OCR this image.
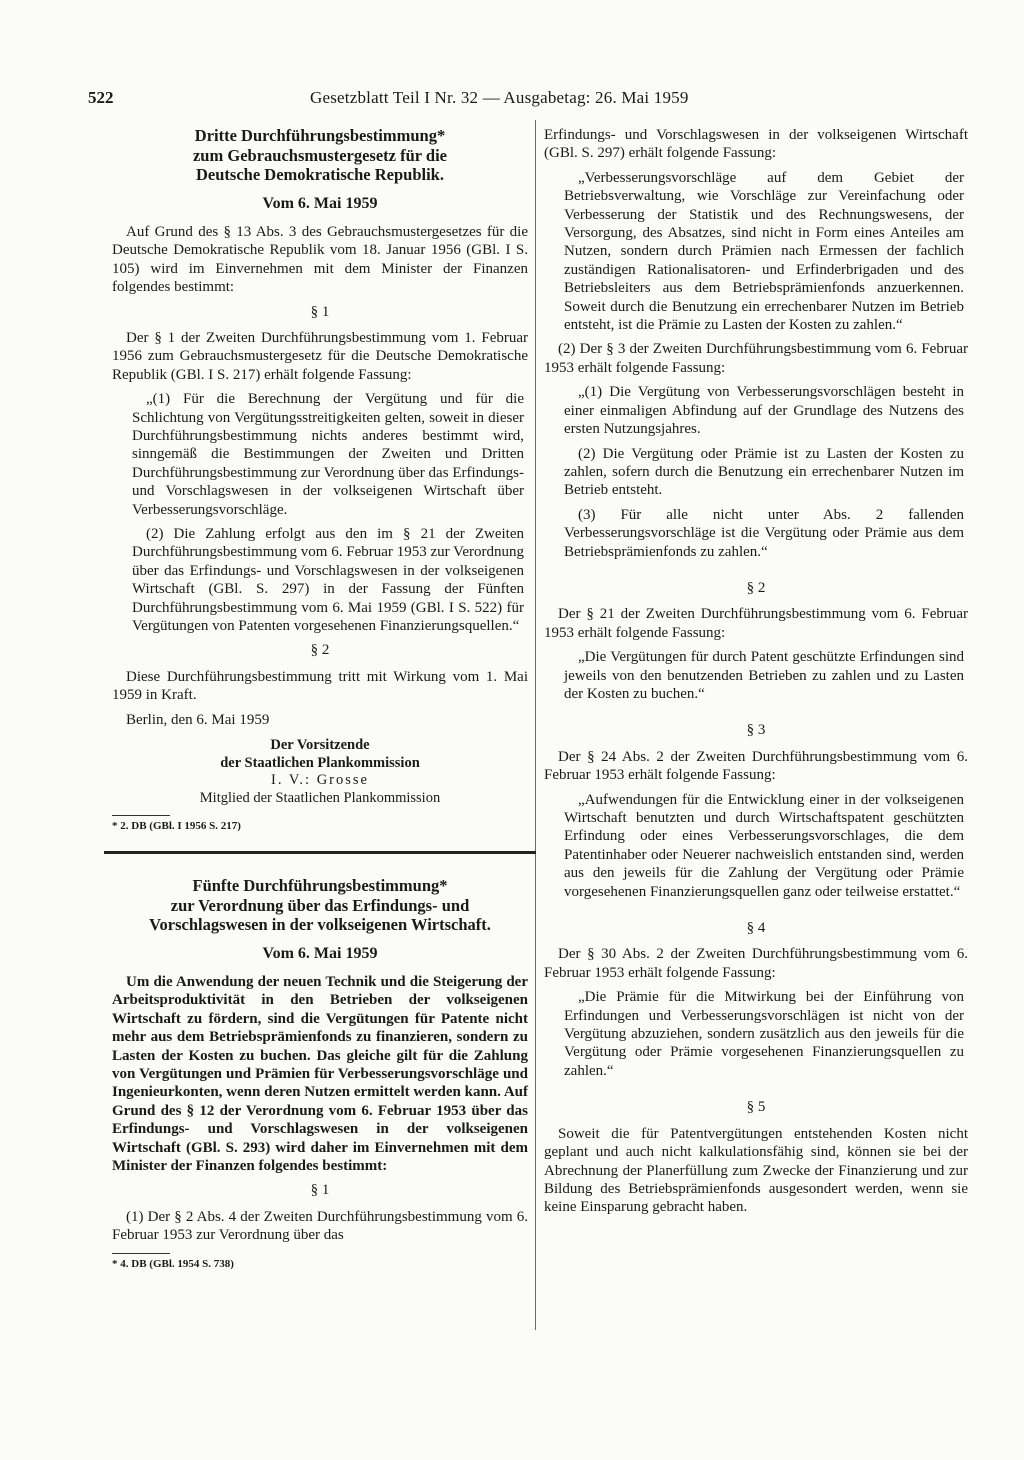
522	Gesetzblatt Teil I Nr. 32 — Ausgabetag: 26. Mai 1959
Dritte Durchführungsbestimmung*
zum Gebrauchsmustergesetz für die
Deutsche Demokratische Republik.
Vom 6. Mai 1959

Auf Grund des § 13 Abs. 3 des Gebrauchsmustergesetzes für die Deutsche Demokratische Republik vom 18. Januar 1956 (GBl. I S. 105) wird im Einvernehmen mit dem Minister der Finanzen folgendes bestimmt:

§ 1

Der § 1 der Zweiten Durchführungsbestimmung vom 1. Februar 1956 zum Gebrauchsmustergesetz für die Deutsche Demokratische Republik (GBl. I S. 217) erhält folgende Fassung:

„(1) Für die Berechnung der Vergütung und für die Schlichtung von Vergütungsstreitigkeiten gelten, soweit in dieser Durchführungsbestimmung nichts anderes bestimmt wird, sinngemäß die Bestimmungen der Zweiten und Dritten Durchführungsbestimmung zur Verordnung über das Erfindungs- und Vorschlagswesen in der volkseigenen Wirtschaft über Verbesserungsvorschläge.

(2) Die Zahlung erfolgt aus den im § 21 der Zweiten Durchführungsbestimmung vom 6. Februar 1953 zur Verordnung über das Erfindungs- und Vorschlagswesen in der volkseigenen Wirtschaft (GBl. S. 297) in der Fassung der Fünften Durchführungsbestimmung vom 6. Mai 1959 (GBl. I S. 522) für Vergütungen von Patenten vorgesehenen Finanzierungsquellen.“

§ 2

Diese Durchführungsbestimmung tritt mit Wirkung vom 1. Mai 1959 in Kraft.

Berlin, den 6. Mai 1959

Der Vorsitzende

der Staatlichen Plankommission

I. V.: Grosse

Mitglied der Staatlichen Plankommission

* 2. DB (GBl. I 1956 S. 217)

Fünfte Durchführungsbestimmung*
zur Verordnung über das Erfindungs- und
Vorschlagswesen in der volkseigenen Wirtschaft.
Vom 6. Mai 1959

Um die Anwendung der neuen Technik und die Steigerung der Arbeitsproduktivität in den Betrieben der volkseigenen Wirtschaft zu fördern, sind die Vergütungen für Patente nicht mehr aus dem Betriebsprämienfonds zu finanzieren, sondern zu Lasten der Kosten zu buchen. Das gleiche gilt für die Zahlung von Vergütungen und Prämien für Verbesserungsvorschläge und Ingenieurkonten, wenn deren Nutzen ermittelt werden kann. Auf Grund des § 12 der Verordnung vom 6. Februar 1953 über das Erfindungs- und Vorschlagswesen in der volkseigenen Wirtschaft (GBl. S. 293) wird daher im Einvernehmen mit dem Minister der Finanzen folgendes bestimmt:

§ 1

(1) Der § 2 Abs. 4 der Zweiten Durchführungsbestimmung vom 6. Februar 1953 zur Verordnung über das

* 4. DB (GBl. 1954 S. 738)

Erfindungs- und Vorschlagswesen in der volkseigenen Wirtschaft (GBl. S. 297) erhält folgende Fassung:

„Verbesserungsvorschläge auf dem Gebiet der Betriebsverwaltung, wie Vorschläge zur Vereinfachung oder Verbesserung der Statistik und des Rechnungswesens, der Versorgung, des Absatzes, sind nicht in Form eines Anteiles am Nutzen, sondern durch Prämien nach Ermessen der fachlich zuständigen Rationalisatoren- und Erfinderbrigaden und des Betriebsleiters aus dem Betriebsprämienfonds anzuerkennen. Soweit durch die Benutzung ein errechenbarer Nutzen im Betrieb entsteht, ist die Prämie zu Lasten der Kosten zu zahlen.“

(2) Der § 3 der Zweiten Durchführungsbestimmung vom 6. Februar 1953 erhält folgende Fassung:

„(1) Die Vergütung von Verbesserungsvorschlägen besteht in einer einmaligen Abfindung auf der Grundlage des Nutzens des ersten Nutzungsjahres.

(2) Die Vergütung oder Prämie ist zu Lasten der Kosten zu zahlen, sofern durch die Benutzung ein errechenbarer Nutzen im Betrieb entsteht.

(3) Für alle nicht unter Abs. 2 fallenden Verbesserungsvorschläge ist die Vergütung oder Prämie aus dem Betriebsprämienfonds zu zahlen.“

§ 2

Der § 21 der Zweiten Durchführungsbestimmung vom 6. Februar 1953 erhält folgende Fassung:

„Die Vergütungen für durch Patent geschützte Erfindungen sind jeweils von den benutzenden Betrieben zu zahlen und zu Lasten der Kosten zu buchen.“

§ 3

Der § 24 Abs. 2 der Zweiten Durchführungsbestimmung vom 6. Februar 1953 erhält folgende Fassung:

„Aufwendungen für die Entwicklung einer in der volkseigenen Wirtschaft benutzten und durch Wirtschaftspatent geschützten Erfindung oder eines Verbesserungsvorschlages, die dem Patentinhaber oder Neuerer nachweislich entstanden sind, werden aus den jeweils für die Zahlung der Vergütung oder Prämie vorgesehenen Finanzierungsquellen ganz oder teilweise erstattet.“

§ 4

Der § 30 Abs. 2 der Zweiten Durchführungsbestimmung vom 6. Februar 1953 erhält folgende Fassung:

„Die Prämie für die Mitwirkung bei der Einführung von Erfindungen und Verbesserungsvorschlägen ist nicht von der Vergütung abzuziehen, sondern zusätzlich aus den jeweils für die Vergütung oder Prämie vorgesehenen Finanzierungsquellen zu zahlen.“

§ 5

Soweit die für Patentvergütungen entstehenden Kosten nicht geplant und auch nicht kalkulationsfähig sind, können sie bei der Abrechnung der Planerfüllung zum Zwecke der Finanzierung und zur Bildung des Betriebsprämienfonds ausgesondert werden, wenn sie keine Einsparung gebracht haben.
